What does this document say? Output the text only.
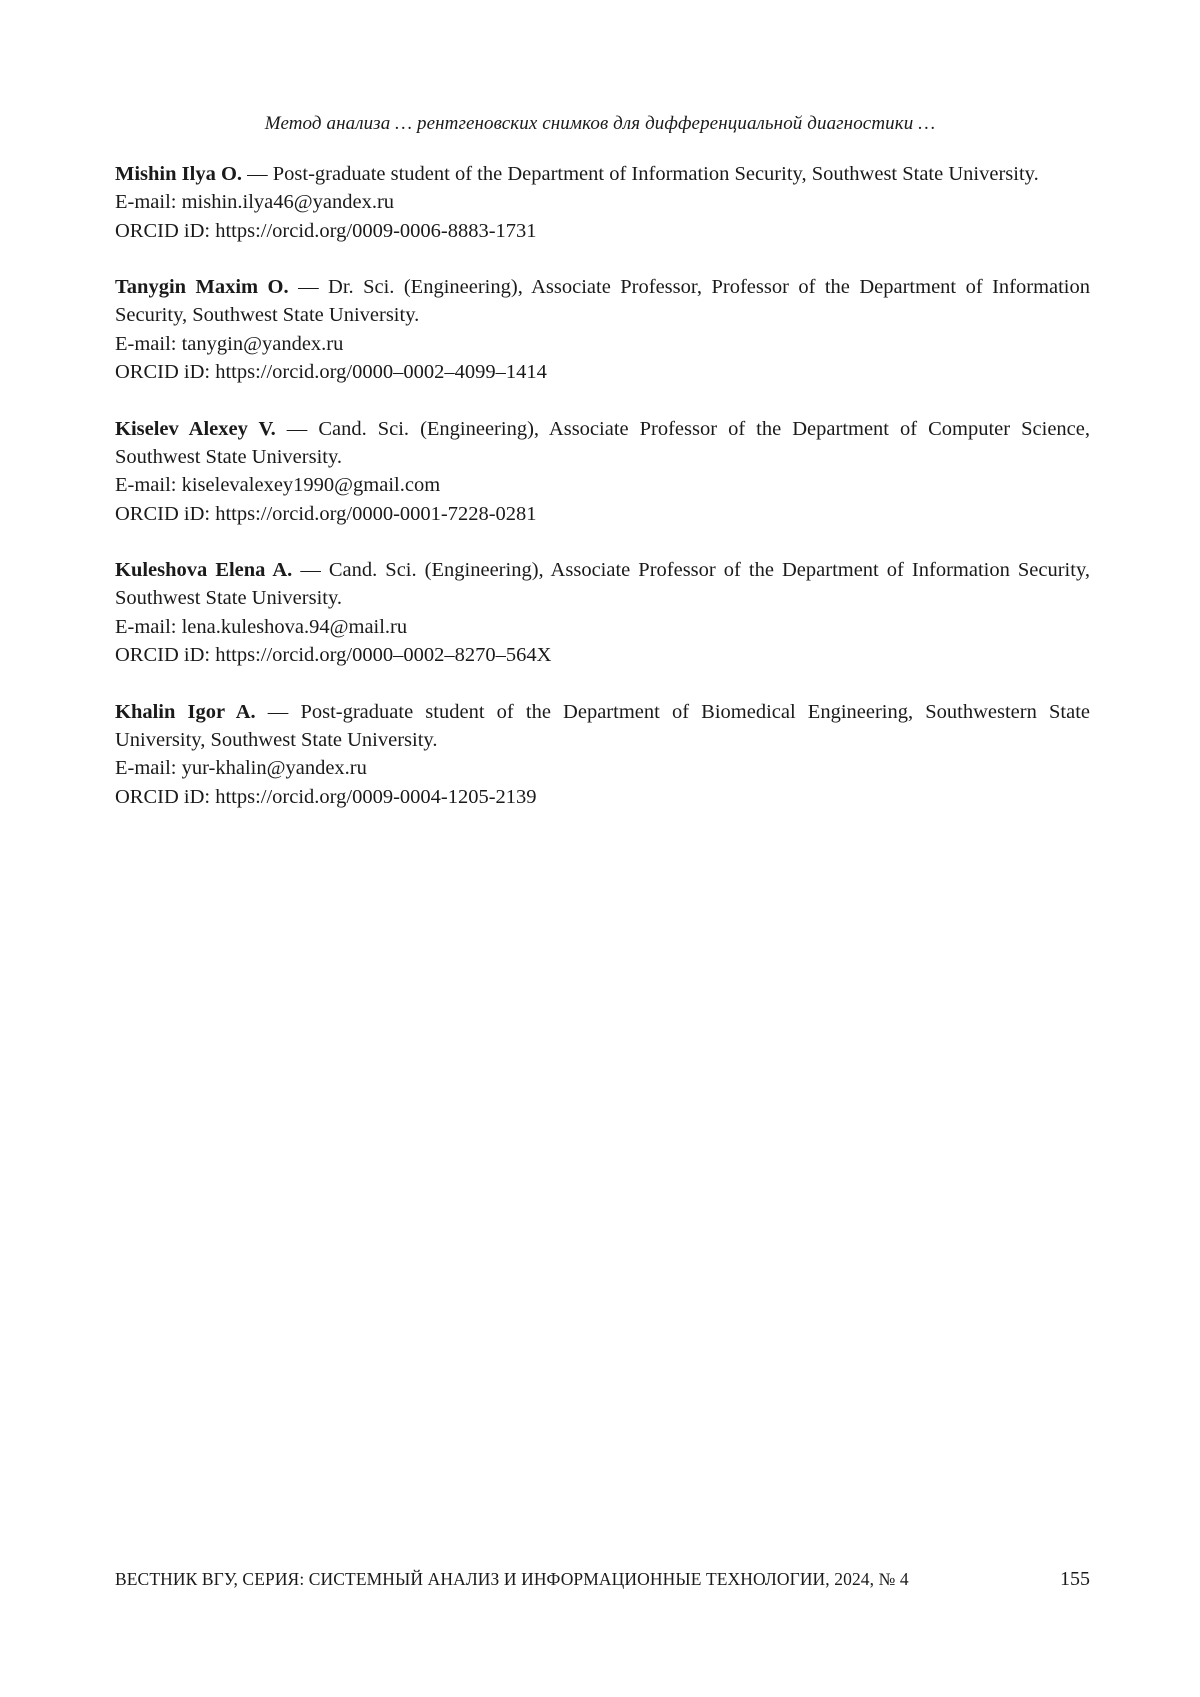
Метод анализа … рентгеновских снимков для дифференциальной диагностики …

Mishin Ilya O. — Post-graduate student of the Department of Information Security, Southwest State University.

E-mail: mishin.ilya46@yandex.ru

ORCID iD: https://orcid.org/0009-0006-8883-1731

Tanygin Maxim O. — Dr. Sci. (Engineering), Associate Professor, Professor of the Department of Information Security, Southwest State University.

E-mail: tanygin@yandex.ru

ORCID iD: https://orcid.org/0000–0002–4099–1414

Kiselev Alexey V. — Cand. Sci. (Engineering), Associate Professor of the Department of Computer Science, Southwest State University.

E-mail: kiselevalexey1990@gmail.com

ORCID iD: https://orcid.org/0000-0001-7228-0281

Kuleshova Elena A. — Cand. Sci. (Engineering), Associate Professor of the Department of Information Security, Southwest State University.

E-mail: lena.kuleshova.94@mail.ru

ORCID iD: https://orcid.org/0000–0002–8270–564X

Khalin Igor A. — Post-graduate student of the Department of Biomedical Engineering, Southwestern State University, Southwest State University.

E-mail: yur-khalin@yandex.ru

ORCID iD: https://orcid.org/0009-0004-1205-2139

ВЕСТНИК ВГУ, СЕРИЯ: СИСТЕМНЫЙ АНАЛИЗ И ИНФОРМАЦИОННЫЕ ТЕХНОЛОГИИ, 2024, № 4	155
